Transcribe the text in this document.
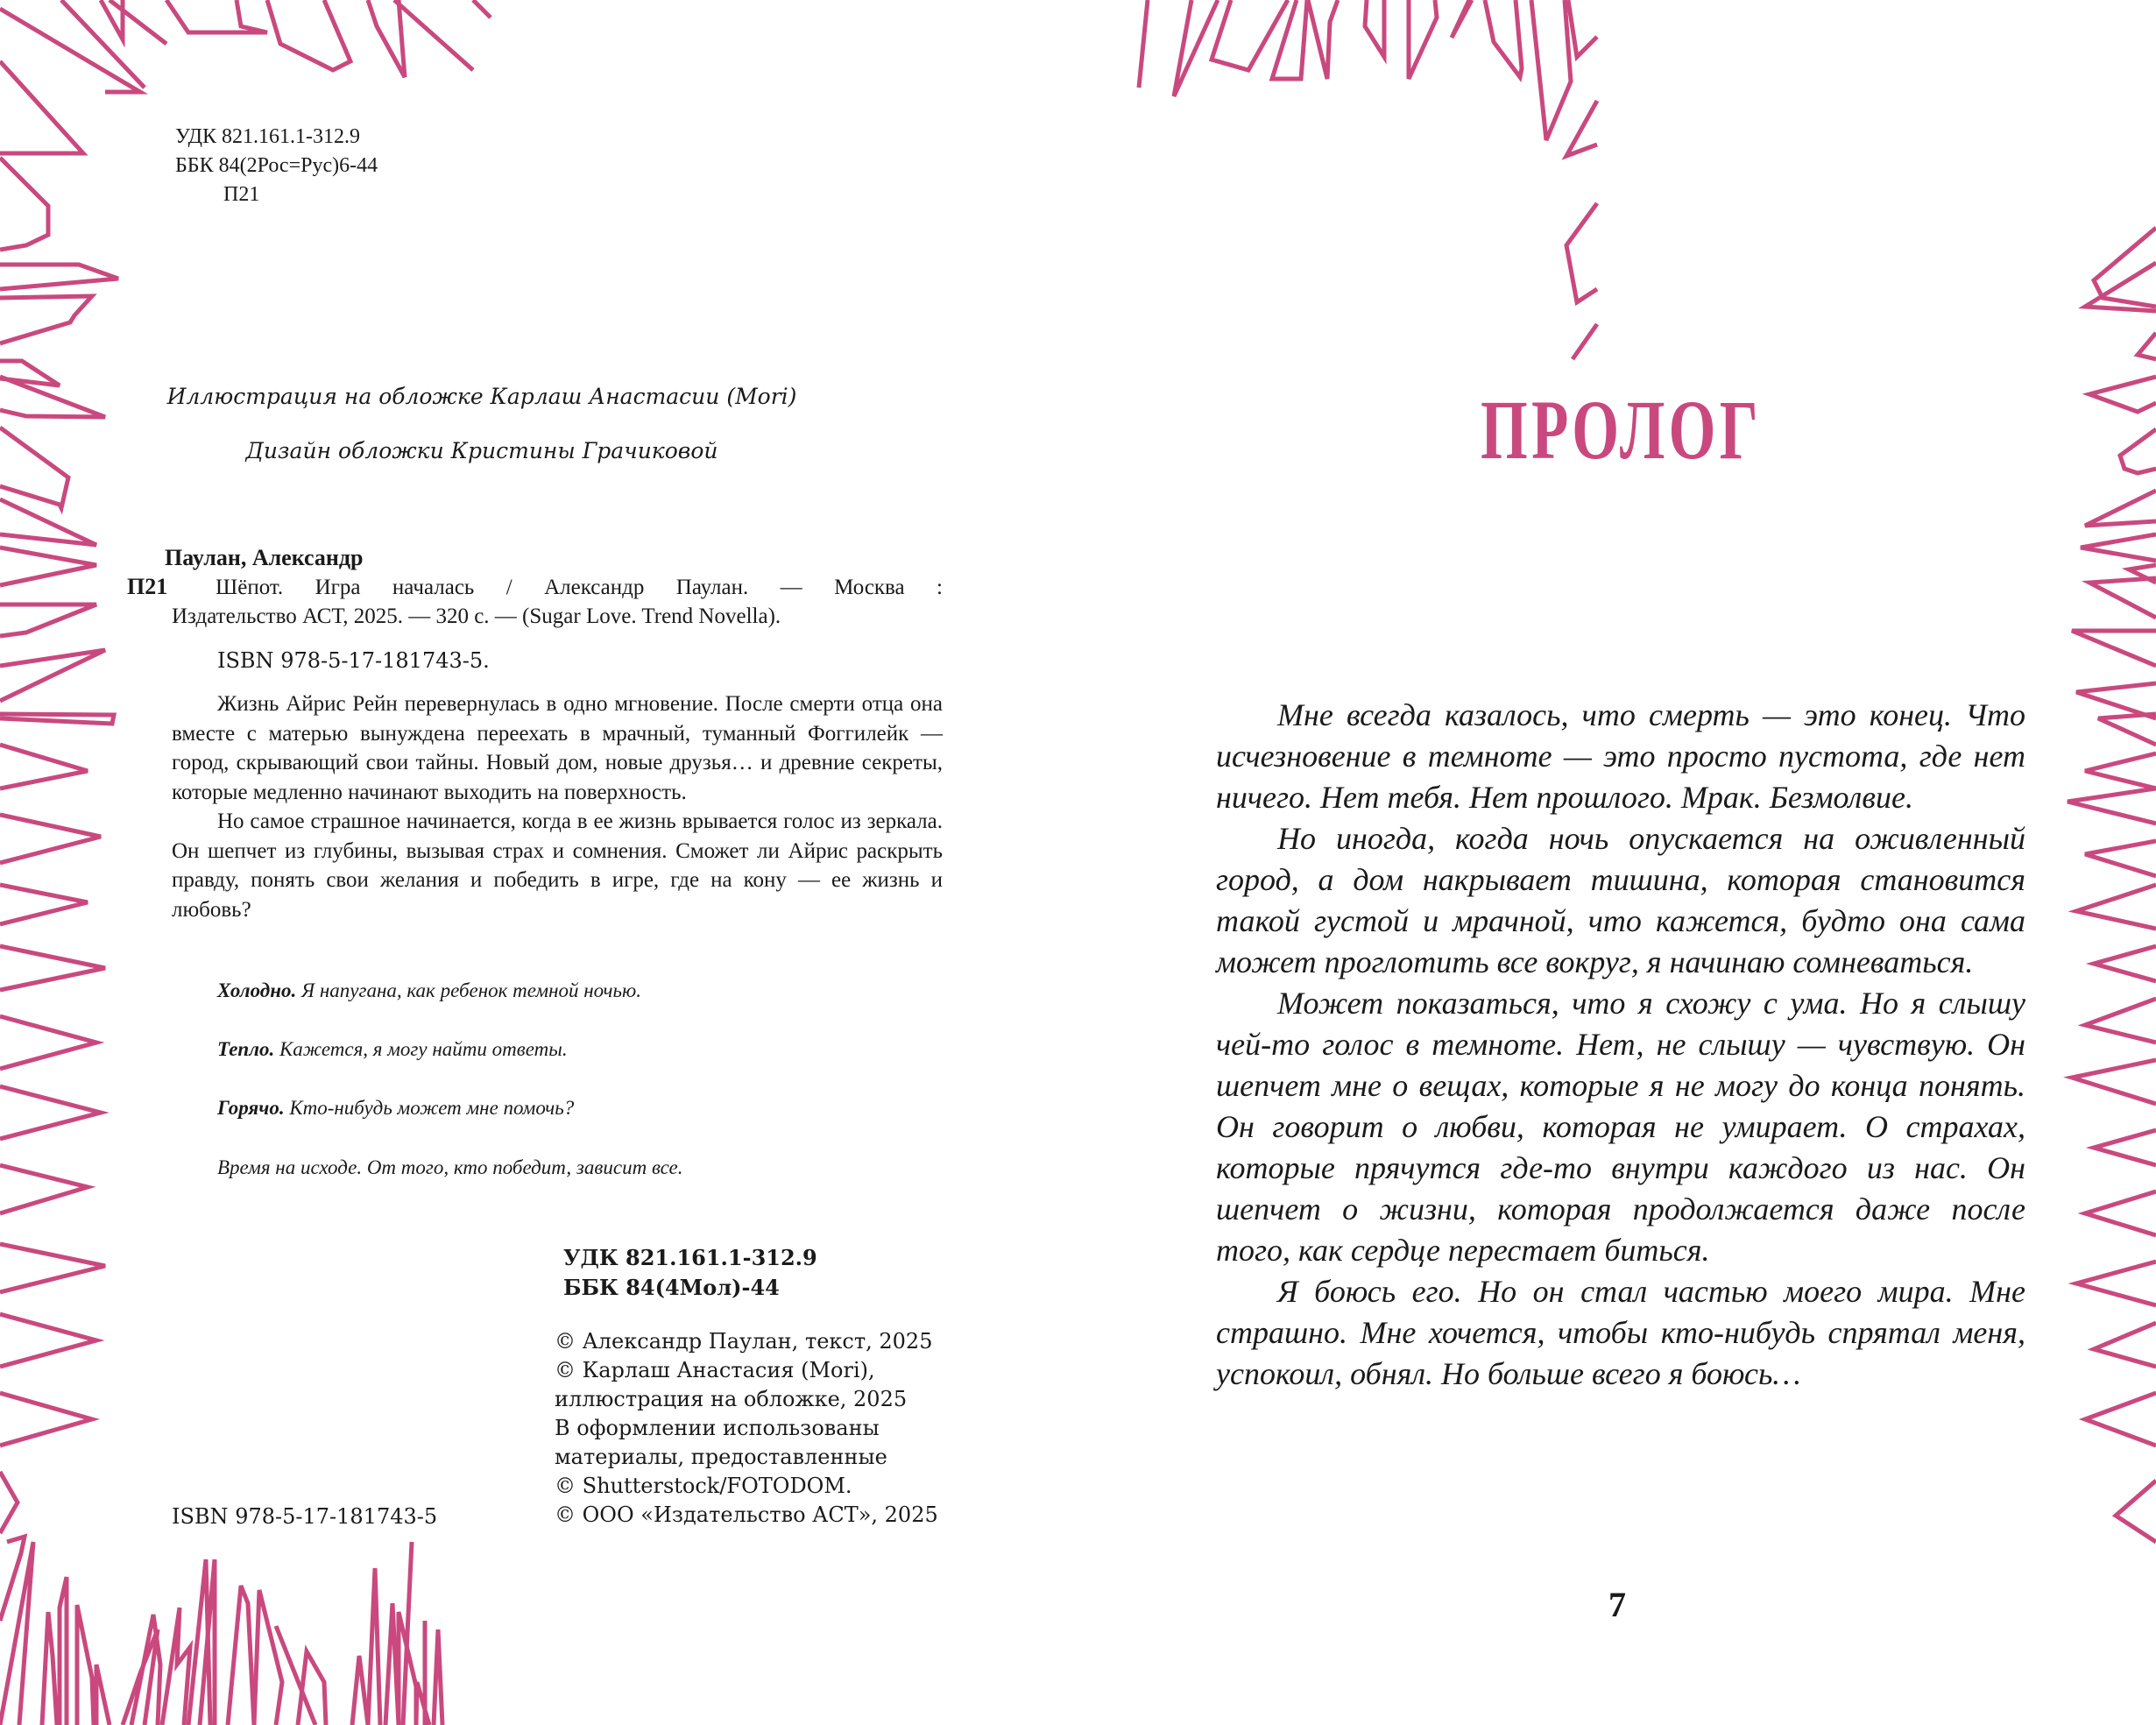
УДК 821.161.1-312.9
ББК 84(2Рос=Рус)6-44
П21
Иллюстрация на обложке Карлаш Анастасии (Mori)
Дизайн обложки Кристины Грачиковой
Паулан, Александр
П21	Шёпот. Игра началась / Александр Паулан. — Москва :
Издательство АСТ, 2025. — 320 с. — (Sugar Love. Trend Novella).
ISBN 978-5-17-181743-5.

Жизнь Айрис Рейн перевернулась в одно мгновение. После смерти отца она вместе с матерью вынуждена переехать в мрачный, туманный Фоггилейк — город, скрывающий свои тайны. Новый дом, новые друзья… и древние секреты, которые медленно начинают выходить на поверхность.

Но самое страшное начинается, когда в ее жизнь врывается голос из зеркала. Он шепчет из глубины, вызывая страх и сомнения. Сможет ли Айрис раскрыть правду, понять свои желания и победить в игре, где на кону — ее жизнь и любовь?

Холодно. Я напугана, как ребенок темной ночью.
Тепло. Кажется, я могу найти ответы.
Горячо. Кто-нибудь может мне помочь?
Время на исходе. От того, кто победит, зависит все.
УДК 821.161.1-312.9
ББК 84(4Мол)-44
© Александр Паулан, текст, 2025
© Карлаш Анастасия (Mori),
иллюстрация на обложке, 2025
В оформлении использованы
материалы, предоставленные
© Shutterstock/FOTODOM.
© ООО «Издательство АСТ», 2025
ISBN 978-5-17-181743-5
ПРОЛОГ

Мне всегда казалось, что смерть — это конец. Что исчезновение в темноте — это просто пустота, где нет ничего. Нет тебя. Нет прошлого. Мрак. Безмолвие.

Но иногда, когда ночь опускается на оживленный город, а дом накрывает тишина, которая становится такой густой и мрачной, что кажется, будто она сама может проглотить все вокруг, я начинаю сомневаться.

Может показаться, что я схожу с ума. Но я слышу чей-то голос в темноте. Нет, не слышу — чувствую. Он шепчет мне о вещах, которые я не могу до конца понять. Он говорит о любви, которая не умирает. О страхах, которые прячутся где-то внутри каждого из нас. Он шепчет о жизни, которая продолжается даже после того, как сердце перестает биться.

Я боюсь его. Но он стал частью моего мира. Мне страшно. Мне хочется, чтобы кто-нибудь спрятал меня, успокоил, обнял. Но больше всего я боюсь…

7
